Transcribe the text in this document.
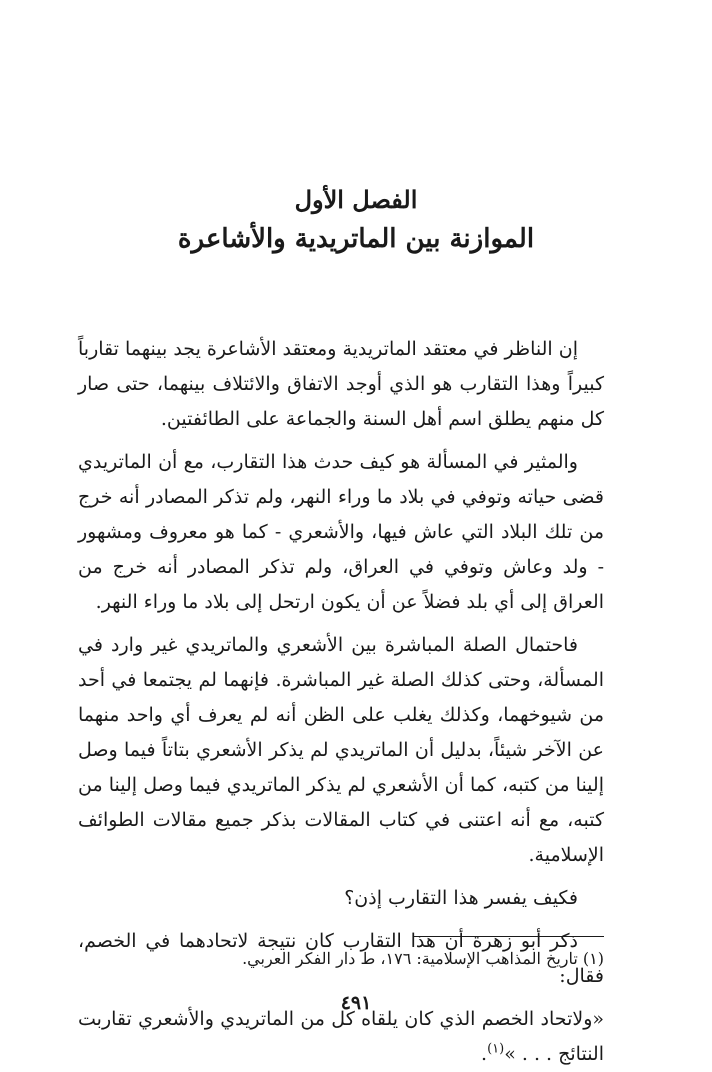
الفصل الأول
الموازنة بين الماتريدية والأشاعرة

إن الناظر في معتقد الماتريدية ومعتقد الأشاعرة يجد بينهما تقارباً كبيراً وهذا التقارب هو الذي أوجد الاتفاق والائتلاف بينهما، حتى صار كل منهم يطلق اسم أهل السنة والجماعة على الطائفتين.

والمثير في المسألة هو كيف حدث هذا التقارب، مع أن الماتريدي قضى حياته وتوفي في بلاد ما وراء النهر، ولم تذكر المصادر أنه خرج من تلك البلاد التي عاش فيها، والأشعري - كما هو معروف ومشهور - ولد وعاش وتوفي في العراق، ولم تذكر المصادر أنه خرج من العراق إلى أي بلد فضلاً عن أن يكون ارتحل إلى بلاد ما وراء النهر.

فاحتمال الصلة المباشرة بين الأشعري والماتريدي غير وارد في المسألة، وحتى كذلك الصلة غير المباشرة. فإنهما لم يجتمعا في أحد من شيوخهما، وكذلك يغلب على الظن أنه لم يعرف أي واحد منهما عن الآخر شيئاً، بدليل أن الماتريدي لم يذكر الأشعري بتاتاً فيما وصل إلينا من كتبه، كما أن الأشعري لم يذكر الماتريدي فيما وصل إلينا من كتبه، مع أنه اعتنى في كتاب المقالات بذكر جميع مقالات الطوائف الإسلامية.

فكيف يفسر هذا التقارب إذن؟

ذكر أبو زهرة أن هذا التقارب كان نتيجة لاتحادهما في الخصم، فقال:

«ولاتحاد الخصم الذي كان يلقاه كل من الماتريدي والأشعري تقاربت النتائج . . . »$^{(١)}$.

(١) تاريخ المذاهب الإسلامية: ١٧٦، ط دار الفكر العربي.
٤٩١
